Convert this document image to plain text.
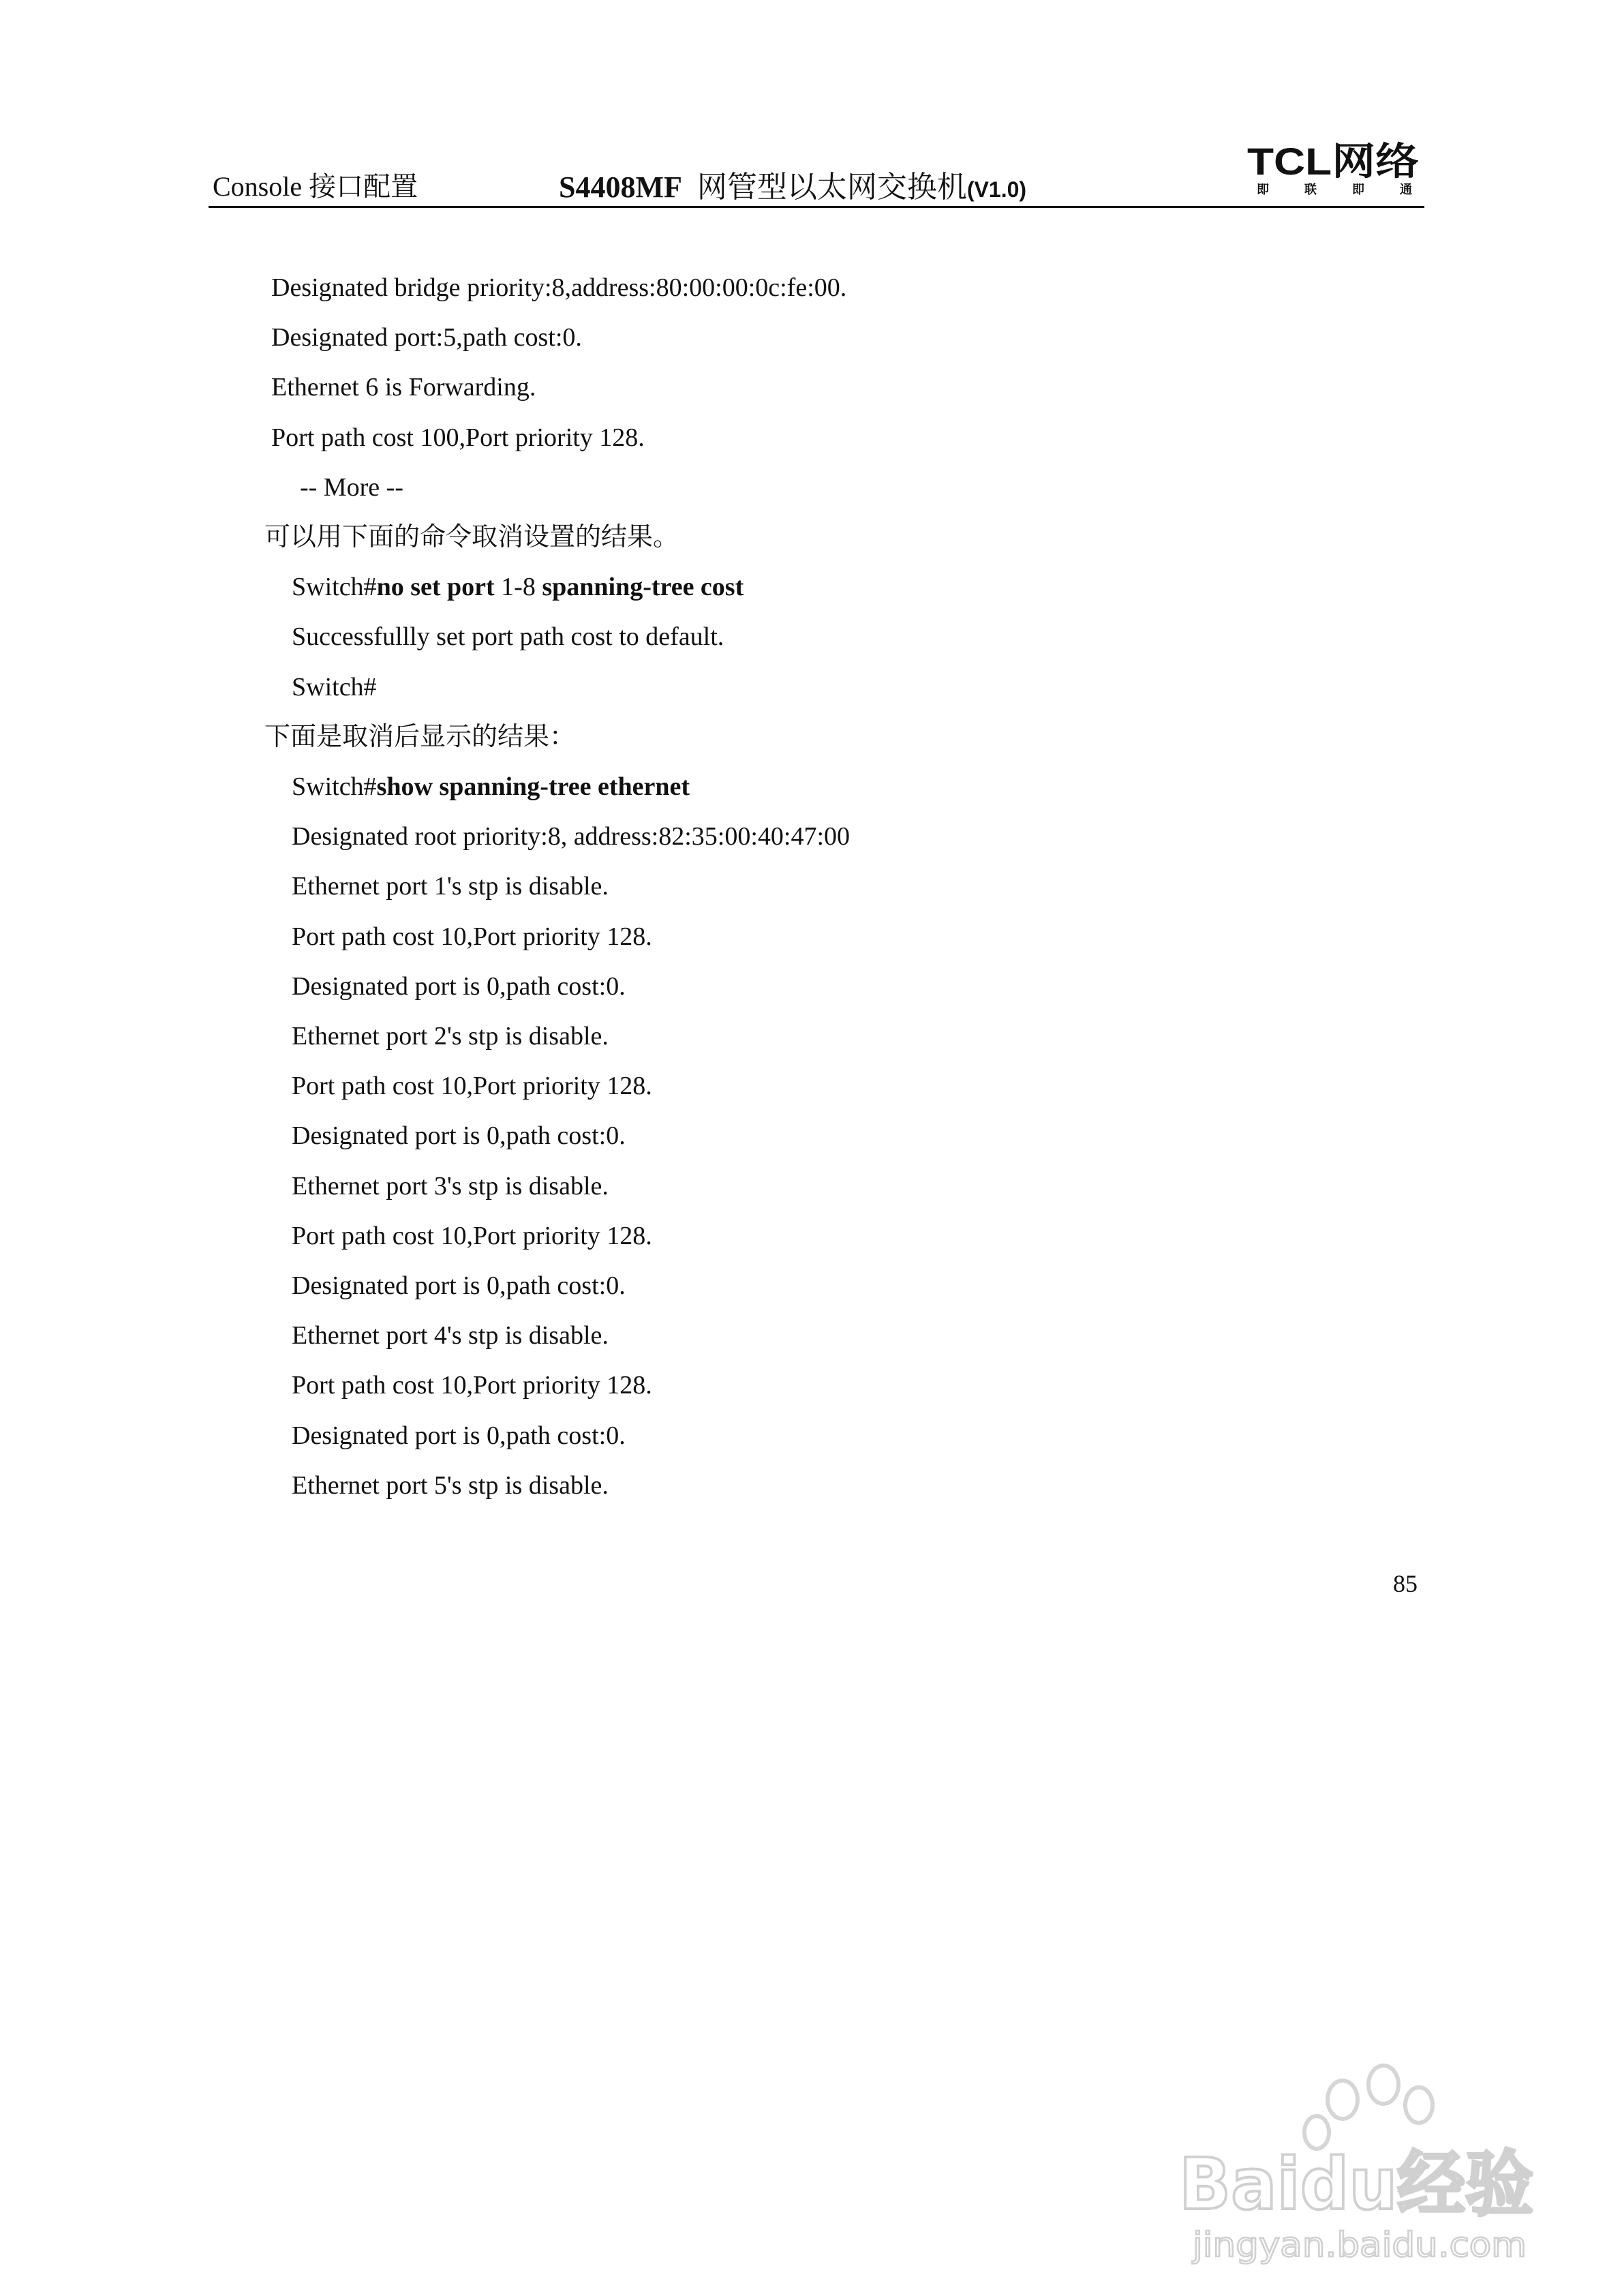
Console 接口配置	S4408MF 网管型以太网交换机(V1.0)
TCL网络
即	联	即	通
Designated bridge priority:8,address:80:00:00:0c:fe:00.
Designated port:5,path cost:0.
Ethernet 6 is Forwarding.
Port path cost 100,Port priority 128.
-- More --
可以用下面的命令取消设置的结果。
Switch#no set port 1-8 spanning-tree cost
Successfullly set port path cost to default.
Switch#
下面是取消后显示的结果：
Switch#show spanning-tree ethernet
Designated root priority:8, address:82:35:00:40:47:00
Ethernet port 1's stp is disable.
Port path cost 10,Port priority 128.
Designated port is 0,path cost:0.
Ethernet port 2's stp is disable.
Port path cost 10,Port priority 128.
Designated port is 0,path cost:0.
Ethernet port 3's stp is disable.
Port path cost 10,Port priority 128.
Designated port is 0,path cost:0.
Ethernet port 4's stp is disable.
Port path cost 10,Port priority 128.
Designated port is 0,path cost:0.
Ethernet port 5's stp is disable.
85
Baidu经验
jingyan.baidu.com
